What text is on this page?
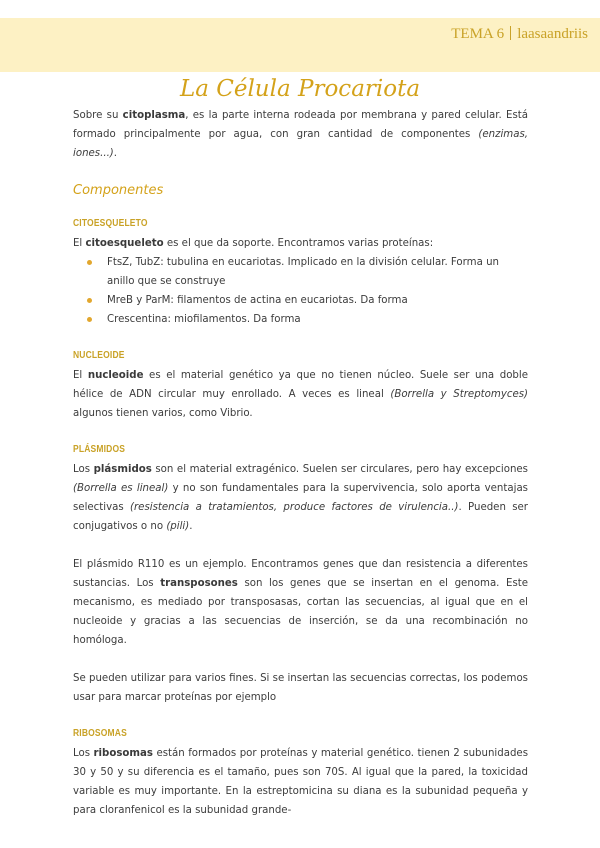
TEMA 6 laasaandriis
La Célula Procariota

Sobre su citoplasma, es la parte interna rodeada por membrana y pared celular. Está formado principalmente por agua, con gran cantidad de componentes (enzimas, iones...).

Componentes
CITOESQUELETO

El citoesqueleto es el que da soporte. Encontramos varias proteínas:

FtsZ, TubZ: tubulina en eucariotas. Implicado en la división celular. Forma un anillo que se construye
MreB y ParM: filamentos de actina en eucariotas. Da forma
Crescentina: miofilamentos. Da forma
NUCLEOIDE

El nucleoide es el material genético ya que no tienen núcleo. Suele ser una doble hélice de ADN circular muy enrollado. A veces es lineal (Borrella y Streptomyces) algunos tienen varios, como Vibrio.

PLÁSMIDOS

Los plásmidos son el material extragénico. Suelen ser circulares, pero hay excepciones (Borrella es lineal) y no son fundamentales para la supervivencia, solo aporta ventajas selectivas (resistencia a tratamientos, produce factores de virulencia..). Pueden ser conjugativos o no (pili).

El plásmido R110 es un ejemplo. Encontramos genes que dan resistencia a diferentes sustancias. Los transposones son los genes que se insertan en el genoma. Este mecanismo, es mediado por transposasas, cortan las secuencias, al igual que en el nucleoide y gracias a las secuencias de inserción, se da una recombinación no homóloga.

Se pueden utilizar para varios fines. Si se insertan las secuencias correctas, los podemos usar para marcar proteínas por ejemplo

RIBOSOMAS

Los ribosomas están formados por proteínas y material genético. tienen 2 subunidades 30 y 50 y su diferencia es el tamaño, pues son 70S. Al igual que la pared, la toxicidad variable es muy importante. En la estreptomicina su diana es la subunidad pequeña y para cloranfenicol es la subunidad grande-
